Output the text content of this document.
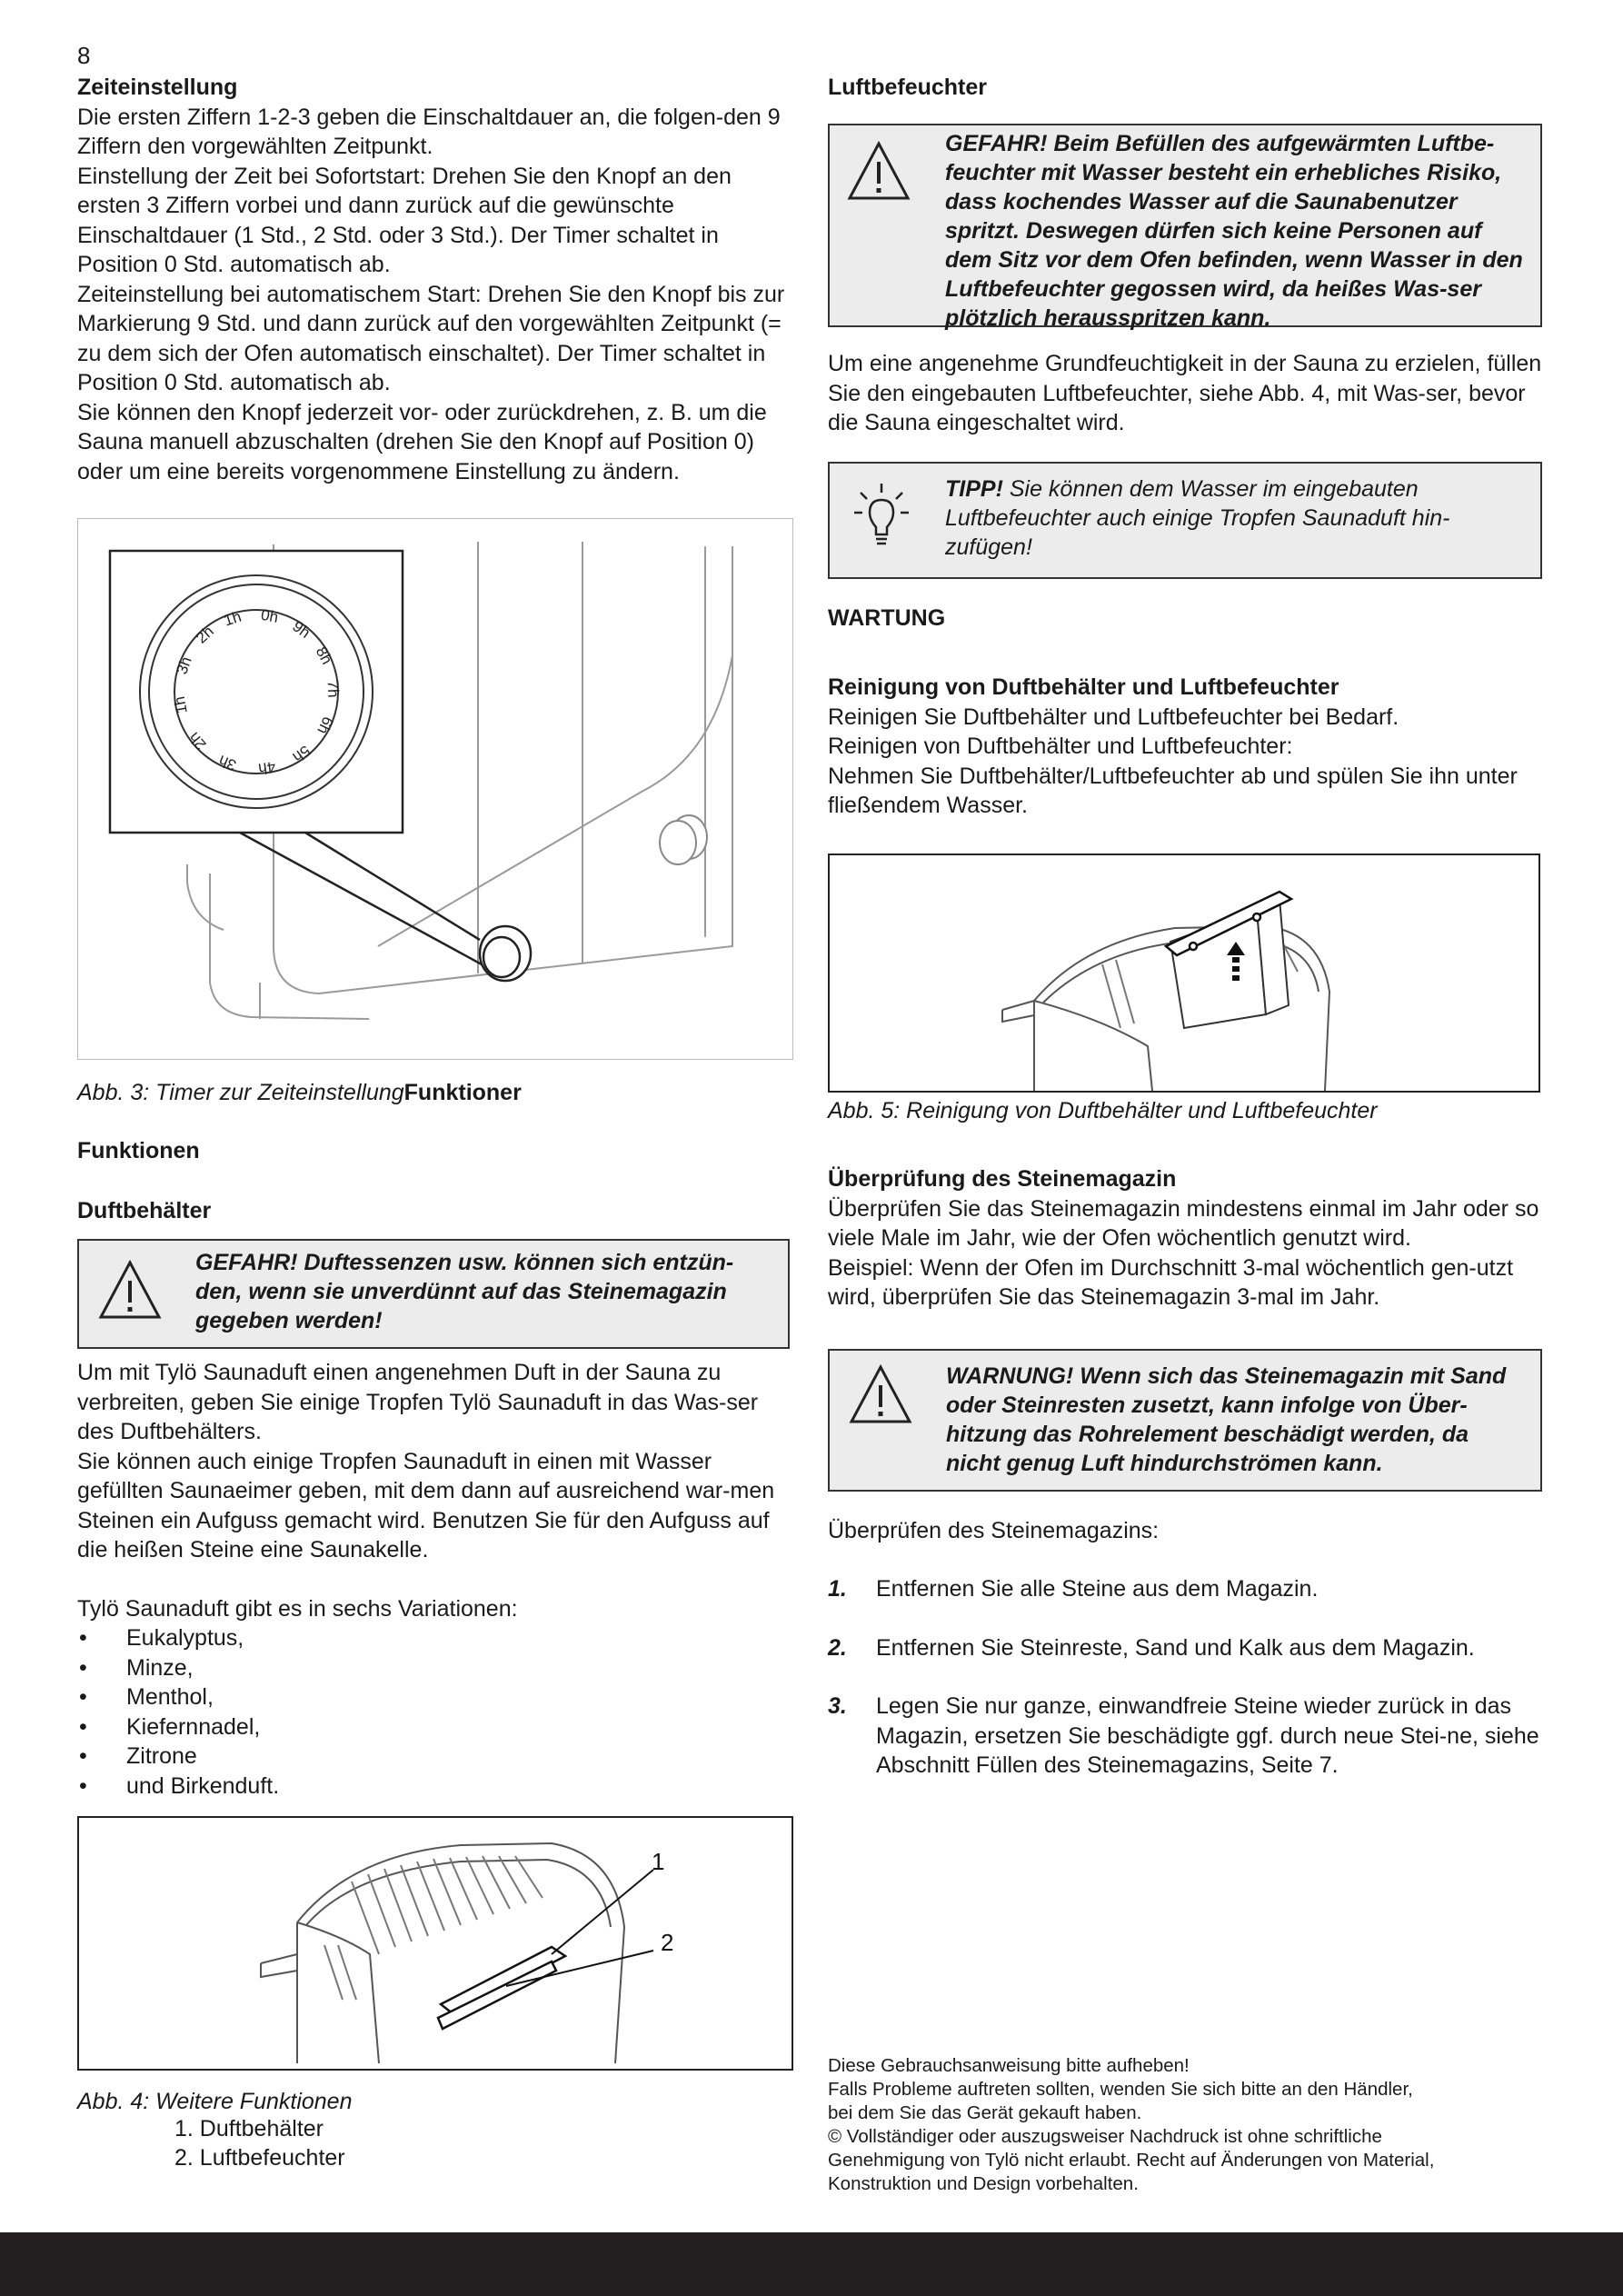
8
Zeiteinstellung

Die ersten Ziffern 1-2-3 geben die Einschaltdauer an, die folgen-den 9 Ziffern den vorgewählten Zeitpunkt.

Einstellung der Zeit bei Sofortstart: Drehen Sie den Knopf an den ersten 3 Ziffern vorbei und dann zurück auf die gewünschte Einschaltdauer (1 Std., 2 Std. oder 3 Std.). Der Timer schaltet in Position 0 Std. automatisch ab.

Zeiteinstellung bei automatischem Start: Drehen Sie den Knopf bis zur Markierung 9 Std. und dann zurück auf den vorgewählten Zeitpunkt (= zu dem sich der Ofen automatisch einschaltet). Der Timer schaltet in Position 0 Std. automatisch ab.

Sie können den Knopf jederzeit vor- oder zurückdrehen, z. B. um die Sauna manuell abzuschalten (drehen Sie den Knopf auf Position 0) oder um eine bereits vorgenommene Einstellung zu ändern.

0h
1h
2h
3h
1h
2h
3h 4h
5h
6h
7h
8h
9h
Abb. 3: Timer zur ZeiteinstellungFunktioner
Funktionen
Duftbehälter
GEFAHR! Duftessenzen usw. können sich entzün-den, wenn sie unverdünnt auf das Steinemagazin gegeben werden!

Um mit Tylö Saunaduft einen angenehmen Duft in der Sauna zu verbreiten, geben Sie einige Tropfen Tylö Saunaduft in das Was-ser des Duftbehälters.

Sie können auch einige Tropfen Saunaduft in einen mit Wasser gefüllten Saunaeimer geben, mit dem dann auf ausreichend war-men Steinen ein Aufguss gemacht wird. Benutzen Sie für den Aufguss auf die heißen Steine eine Saunakelle.

Tylö Saunaduft gibt es in sechs Variationen:

• Eukalyptus,
• Minze,
• Menthol,
• Kiefernnadel,
• Zitrone
• und Birkenduft.
1
2
Abb. 4: Weitere Funktionen
1. Duftbehälter
2. Luftbefeuchter
Luftbefeuchter
GEFAHR! Beim Befüllen des aufgewärmten Luftbe-feuchter mit Wasser besteht ein erhebliches Risiko, dass kochendes Wasser auf die Saunabenutzer spritzt. Deswegen dürfen sich keine Personen auf dem Sitz vor dem Ofen befinden, wenn Wasser in den Luftbefeuchter gegossen wird, da heißes Was-ser plötzlich herausspritzen kann.

Um eine angenehme Grundfeuchtigkeit in der Sauna zu erzielen, füllen Sie den eingebauten Luftbefeuchter, siehe Abb. 4, mit Was-ser, bevor die Sauna eingeschaltet wird.

TIPP! Sie können dem Wasser im eingebauten Luftbefeuchter auch einige Tropfen Saunaduft hin-zufügen!
WARTUNG
Reinigung von Duftbehälter und Luftbefeuchter

Reinigen Sie Duftbehälter und Luftbefeuchter bei Bedarf.

Reinigen von Duftbehälter und Luftbefeuchter:

Nehmen Sie Duftbehälter/Luftbefeuchter ab und spülen Sie ihn unter fließendem Wasser.

Abb. 5: Reinigung von Duftbehälter und Luftbefeuchter
Überprüfung des Steinemagazin

Überprüfen Sie das Steinemagazin mindestens einmal im Jahr oder so viele Male im Jahr, wie der Ofen wöchentlich genutzt wird.

Beispiel: Wenn der Ofen im Durchschnitt 3-mal wöchentlich gen-utzt wird, überprüfen Sie das Steinemagazin 3-mal im Jahr.

WARNUNG! Wenn sich das Steinemagazin mit Sand oder Steinresten zusetzt, kann infolge von Über-hitzung das Rohrelement beschädigt werden, da nicht genug Luft hindurchströmen kann.

Überprüfen des Steinemagazins:

1. Entfernen Sie alle Steine aus dem Magazin.
2. Entfernen Sie Steinreste, Sand und Kalk aus dem Magazin.
3. Legen Sie nur ganze, einwandfreie Steine wieder zurück in das Magazin, ersetzen Sie beschädigte ggf. durch neue Stei-ne, siehe Abschnitt Füllen des Steinemagazins, Seite 7.
Diese Gebrauchsanweisung bitte aufheben!
Falls Probleme auftreten sollten, wenden Sie sich bitte an den Händler,
bei dem Sie das Gerät gekauft haben.
© Vollständiger oder auszugsweiser Nachdruck ist ohne schriftliche
Genehmigung von Tylö nicht erlaubt. Recht auf Änderungen von Material,
Konstruktion und Design vorbehalten.
